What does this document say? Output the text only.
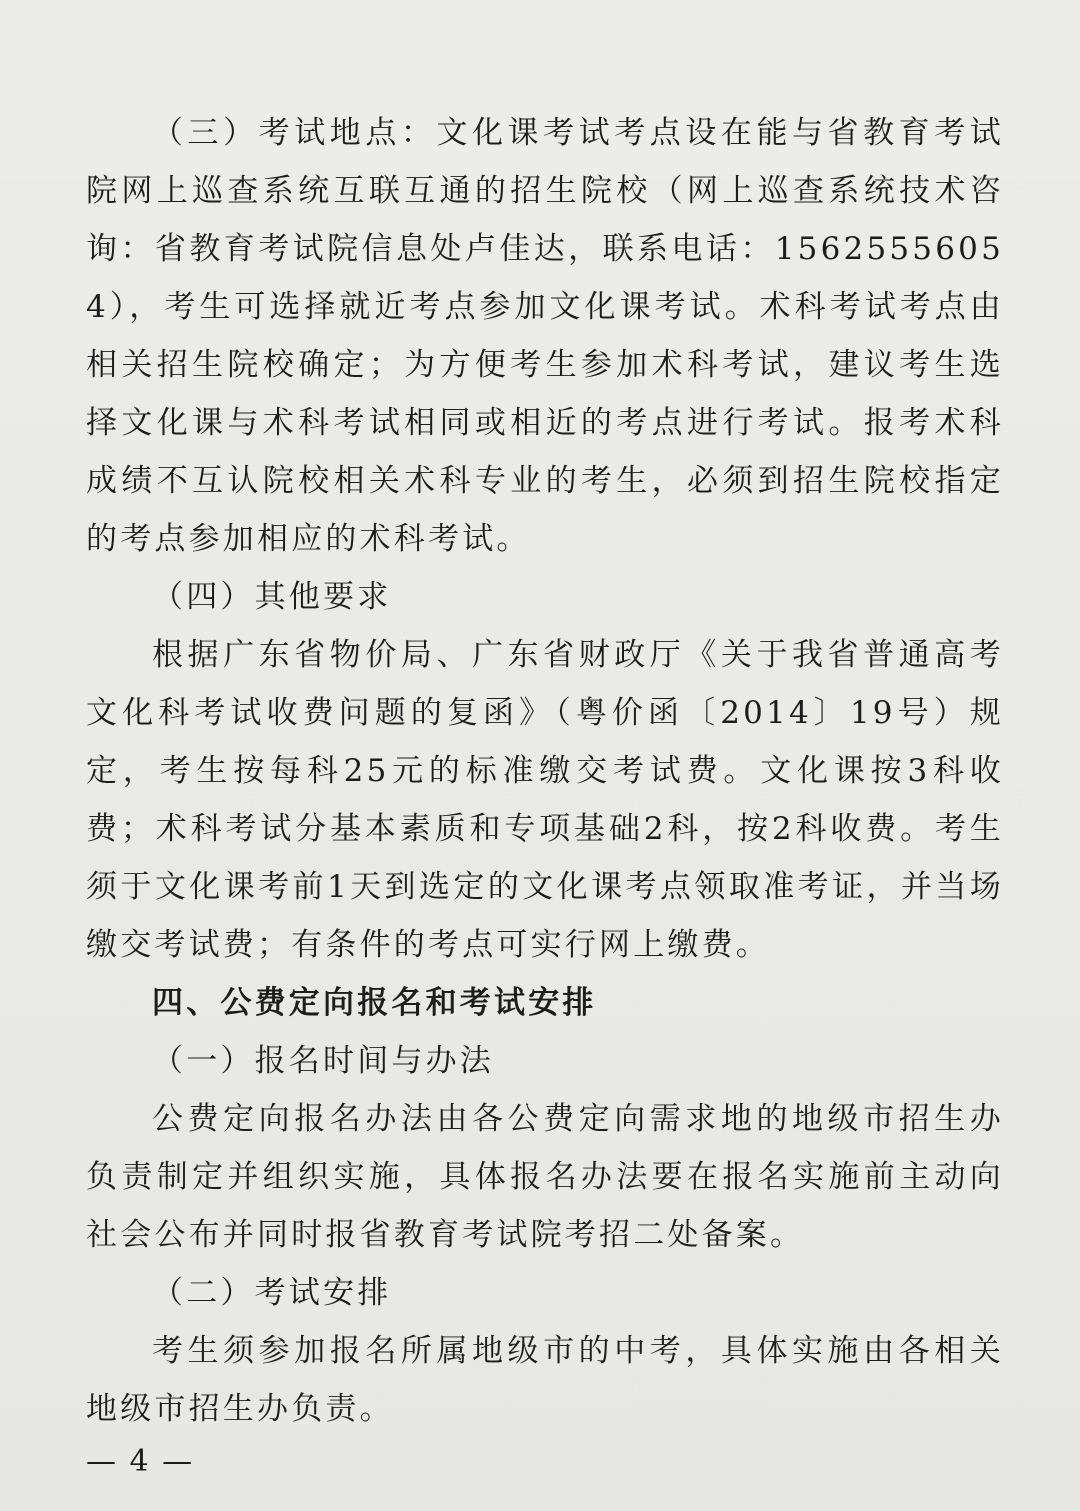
（三）考试地点：文化课考试考点设在能与省教育考试院网上巡查系统互联互通的招生院校（网上巡查系统技术咨询：省教育考试院信息处卢佳达，联系电话：15625556054），考生可选择就近考点参加文化课考试。术科考试考点由相关招生院校确定；为方便考生参加术科考试，建议考生选择文化课与术科考试相同或相近的考点进行考试。报考术科成绩不互认院校相关术科专业的考生，必须到招生院校指定的考点参加相应的术科考试。

（四）其他要求

根据广东省物价局、广东省财政厅《关于我省普通高考文化科考试收费问题的复函》（粤价函〔2014〕19号）规定，考生按每科25元的标准缴交考试费。文化课按3科收费；术科考试分基本素质和专项基础2科，按2科收费。考生须于文化课考前1天到选定的文化课考点领取准考证，并当场缴交考试费；有条件的考点可实行网上缴费。

四、公费定向报名和考试安排

（一）报名时间与办法

公费定向报名办法由各公费定向需求地的地级市招生办负责制定并组织实施，具体报名办法要在报名实施前主动向社会公布并同时报省教育考试院考招二处备案。

（二）考试安排

考生须参加报名所属地级市的中考，具体实施由各相关地级市招生办负责。

— 4 —
